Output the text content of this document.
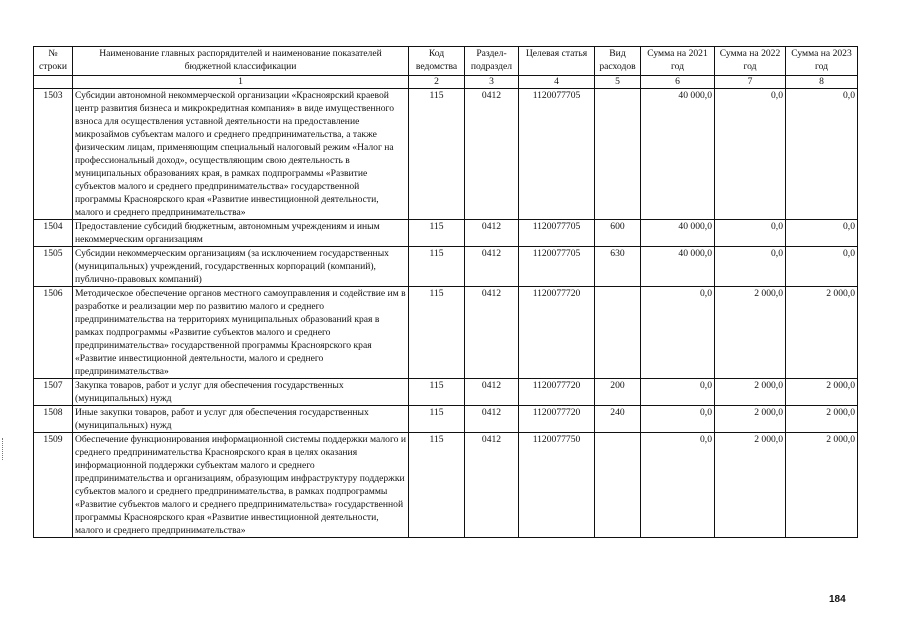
№ строки	Наименование главных распорядителей и наименование показателей бюджетной классификации	Код ведомства	Раздел-подраздел	Целевая статья	Вид расходов	Сумма на 2021 год	Сумма на 2022 год	Сумма на 2023 год
	1	2	3	4	5	6	7	8
1503	Субсидии автономной некоммерческой организации «Красноярский краевой центр развития бизнеса и микрокредитная компания» в виде имущественного взноса для осуществления уставной деятельности на предоставление микрозаймов субъектам малого и среднего предпринимательства, а также физическим лицам, применяющим специальный налоговый режим «Налог на профессиональный доход», осуществляющим свою деятельность в муниципальных образованиях края, в рамках подпрограммы «Развитие субъектов малого и среднего предпринимательства» государственной программы Красноярского края «Развитие инвестиционной деятельности, малого и среднего предпринимательства»	115	0412	1120077705		40 000,0	0,0	0,0
1504	Предоставление субсидий бюджетным, автономным учреждениям и иным некоммерческим организациям	115	0412	1120077705	600	40 000,0	0,0	0,0
1505	Субсидии некоммерческим организациям (за исключением государственных (муниципальных) учреждений, государственных корпораций (компаний), публично-правовых компаний)	115	0412	1120077705	630	40 000,0	0,0	0,0
1506	Методическое обеспечение органов местного самоуправления и содействие им в разработке и реализации мер по развитию малого и среднего предпринимательства на территориях муниципальных образований края в рамках подпрограммы «Развитие субъектов малого и среднего предпринимательства» государственной программы Красноярского края «Развитие инвестиционной деятельности, малого и среднего предпринимательства»	115	0412	1120077720		0,0	2 000,0	2 000,0
1507	Закупка товаров, работ и услуг для обеспечения государственных (муниципальных) нужд	115	0412	1120077720	200	0,0	2 000,0	2 000,0
1508	Иные закупки товаров, работ и услуг для обеспечения государственных (муниципальных) нужд	115	0412	1120077720	240	0,0	2 000,0	2 000,0
1509	Обеспечение функционирования информационной системы поддержки малого и среднего предпринимательства Красноярского края в целях оказания информационной поддержки субъектам малого и среднего предпринимательства и организациям, образующим инфраструктуру поддержки субъектов малого и среднего предпринимательства, в рамках подпрограммы «Развитие субъектов малого и среднего предпринимательства» государственной программы Красноярского края «Развитие инвестиционной деятельности, малого и среднего предпринимательства»	115	0412	1120077750		0,0	2 000,0	2 000,0
184
